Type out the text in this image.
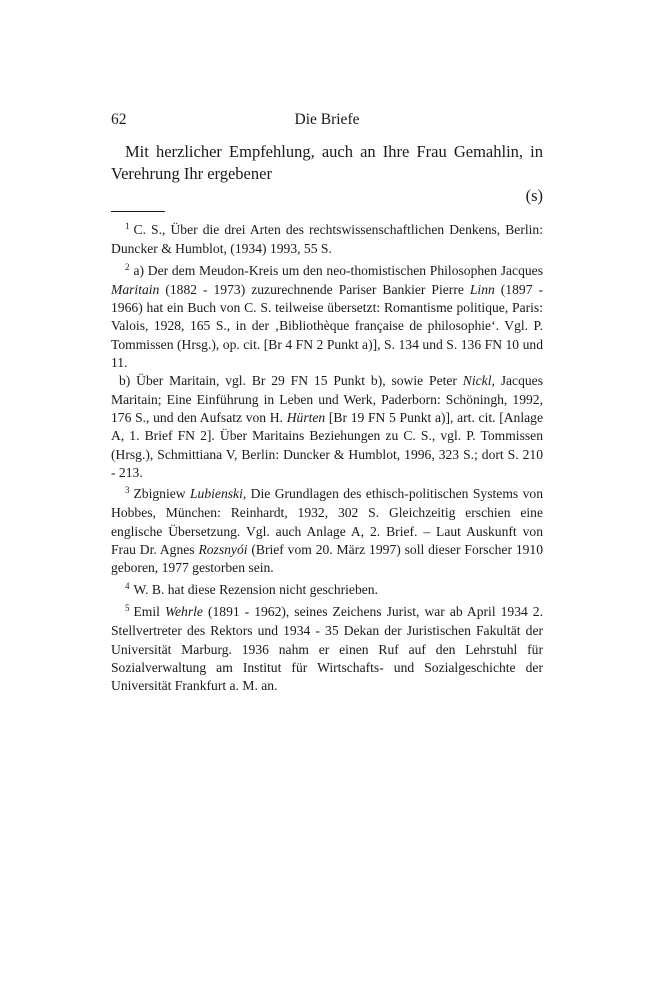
62	Die Briefe

Mit herzlicher Empfehlung, auch an Ihre Frau Gemahlin, in Verehrung Ihr ergebener

(s)

$^1$ C. S., Über die drei Arten des rechtswissenschaftlichen Denkens, Berlin: Duncker & Humblot, (1934) 1993, 55 S.

$^2$ a) Der dem Meudon-Kreis um den neo-thomistischen Philosophen Jacques Maritain (1882 - 1973) zuzurechnende Pariser Bankier Pierre Linn (1897 - 1966) hat ein Buch von C. S. teilweise übersetzt: Romantisme politique, Paris: Valois, 1928, 165 S., in der ‚Bibliothèque française de philosophie‘. Vgl. P. Tommissen (Hrsg.), op. cit. [Br 4 FN 2 Punkt a)], S. 134 und S. 136 FN 10 und 11.

b) Über Maritain, vgl. Br 29 FN 15 Punkt b), sowie Peter Nickl, Jacques Maritain; Eine Einführung in Leben und Werk, Paderborn: Schöningh, 1992, 176 S., und den Aufsatz von H. Hürten [Br 19 FN 5 Punkt a)], art. cit. [Anlage A, 1. Brief FN 2]. Über Maritains Beziehungen zu C. S., vgl. P. Tommissen (Hrsg.), Schmittiana V, Berlin: Duncker & Humblot, 1996, 323 S.; dort S. 210 - 213.

$^3$ Zbigniew Lubienski, Die Grundlagen des ethisch-politischen Systems von Hobbes, München: Reinhardt, 1932, 302 S. Gleichzeitig erschien eine englische Übersetzung. Vgl. auch Anlage A, 2. Brief. – Laut Auskunft von Frau Dr. Agnes Rozsnyói (Brief vom 20. März 1997) soll dieser Forscher 1910 geboren, 1977 gestorben sein.

$^4$ W. B. hat diese Rezension nicht geschrieben.

$^5$ Emil Wehrle (1891 - 1962), seines Zeichens Jurist, war ab April 1934 2. Stellvertreter des Rektors und 1934 - 35 Dekan der Juristischen Fakultät der Universität Marburg. 1936 nahm er einen Ruf auf den Lehrstuhl für Sozialverwaltung am Institut für Wirtschafts- und Sozialgeschichte der Universität Frankfurt a. M. an.
